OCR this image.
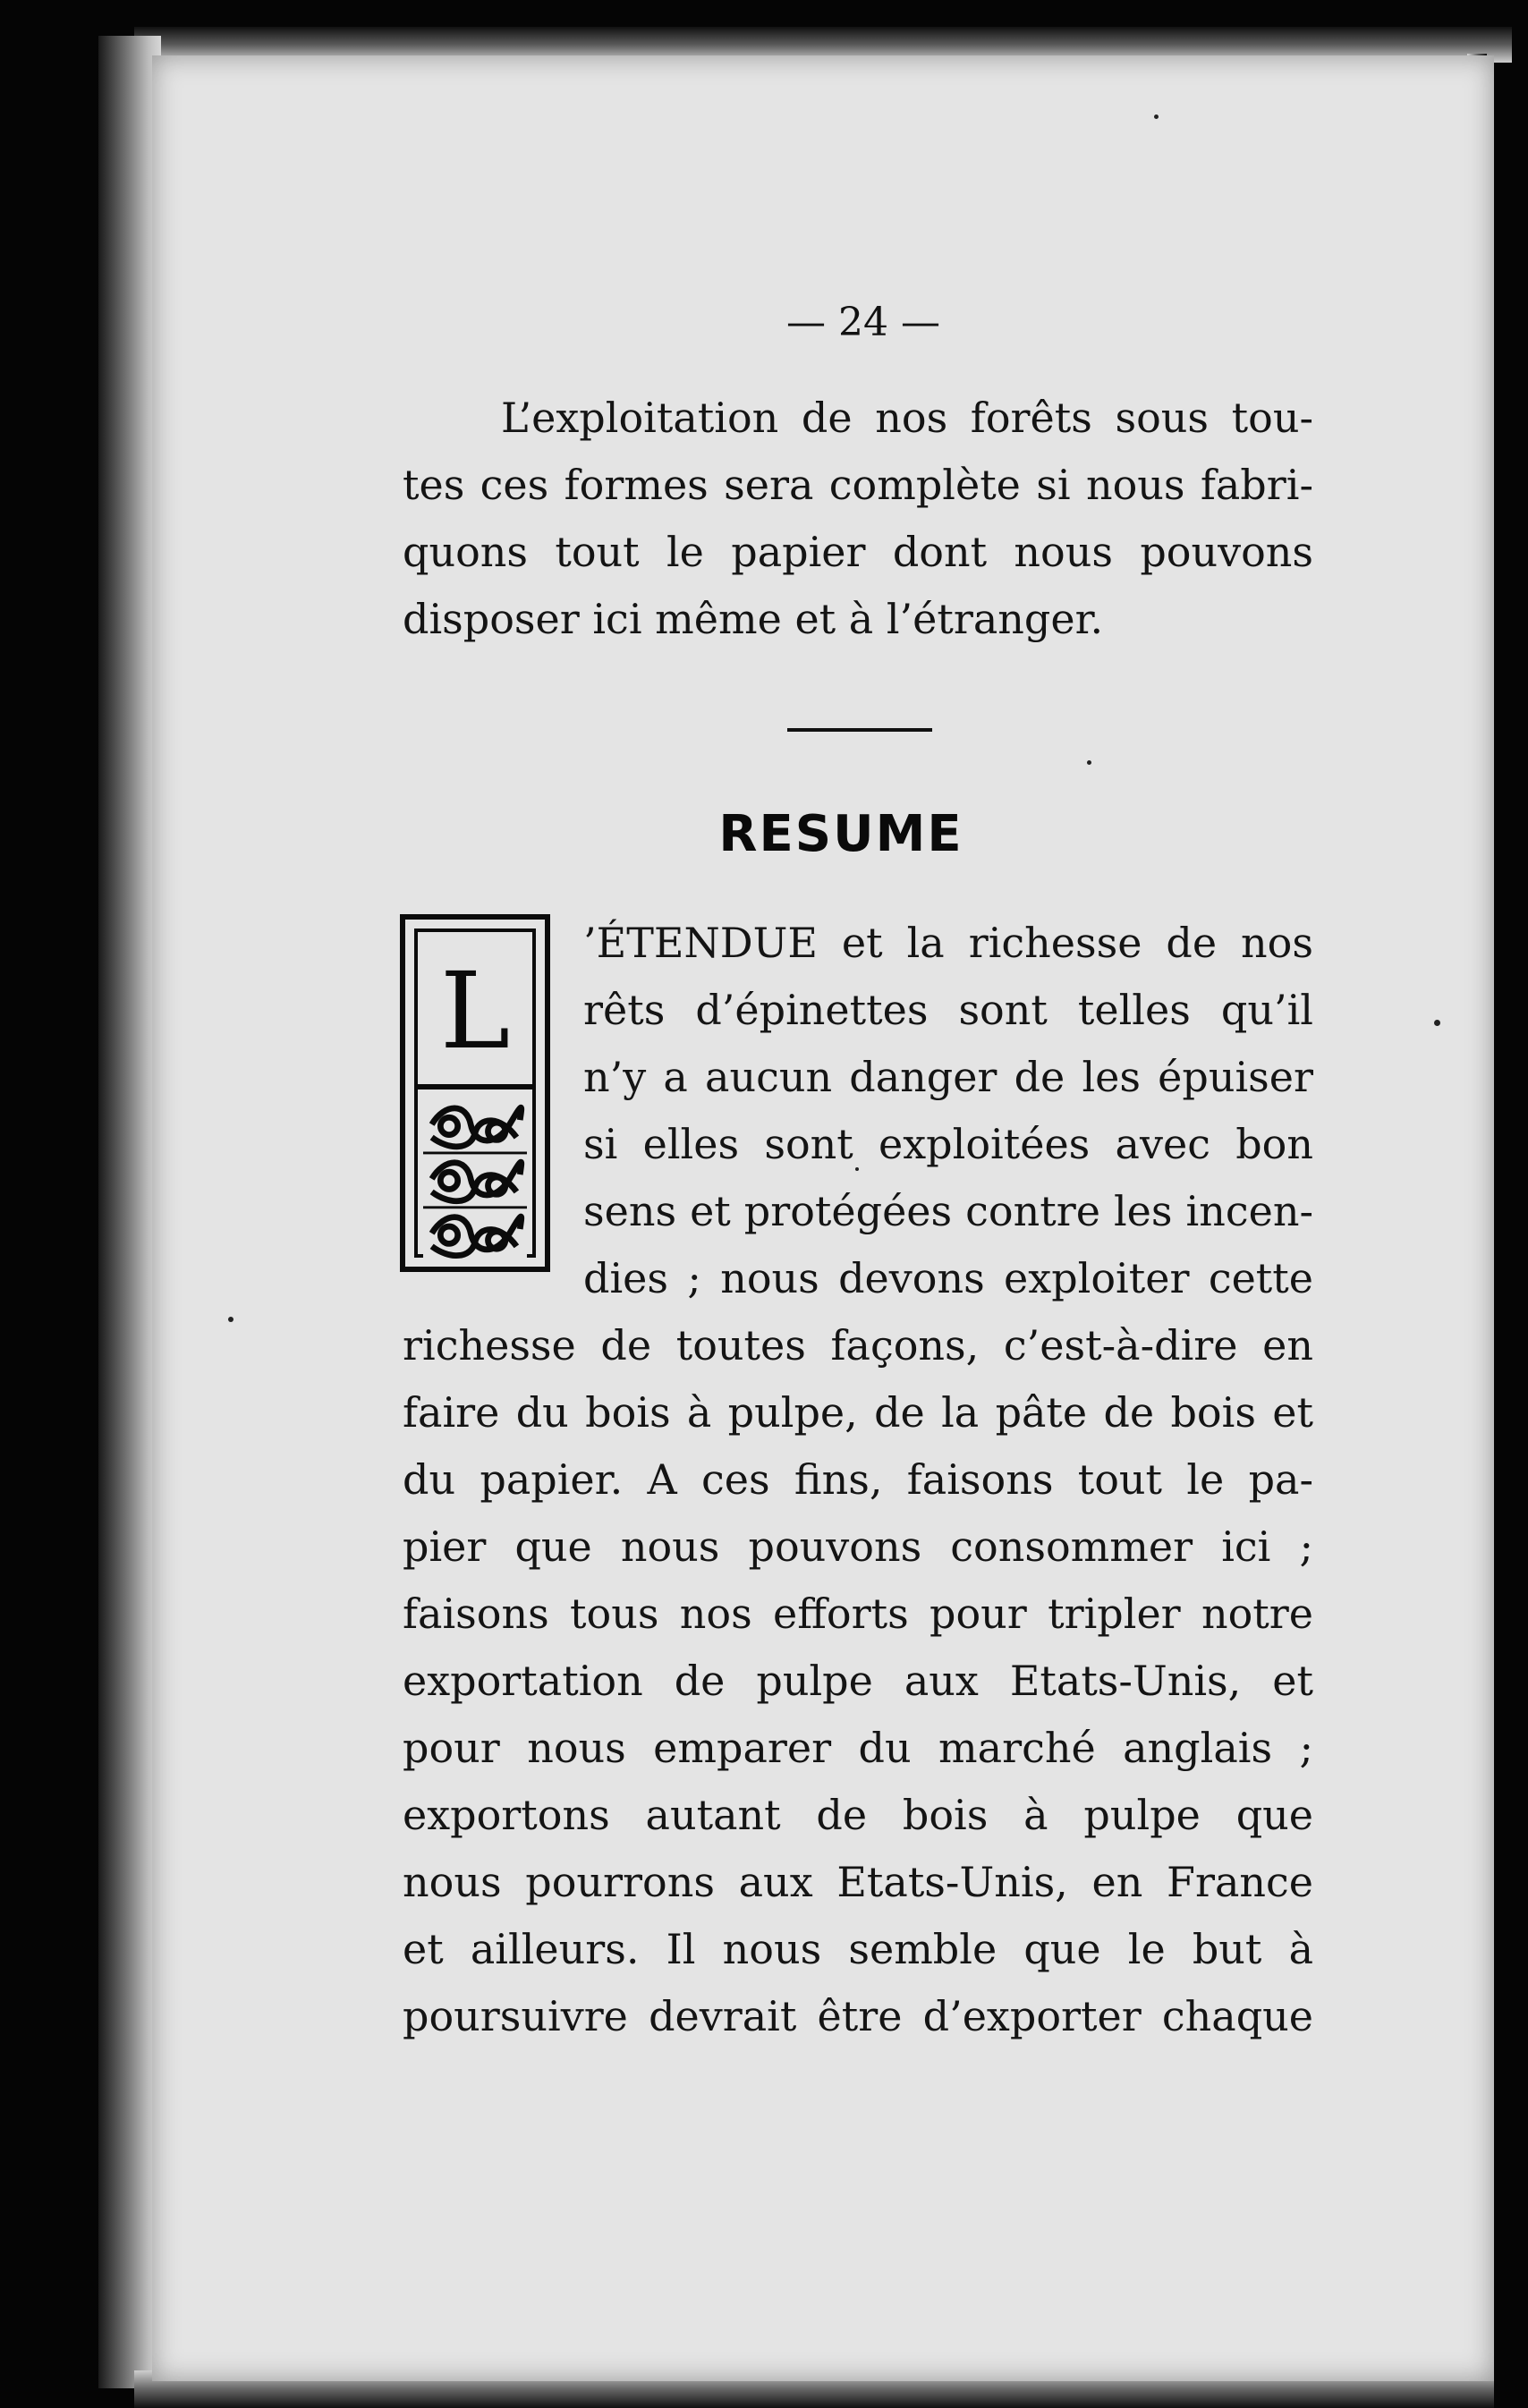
— 24 —
L’exploitation de nos forêts sous tou-
tes ces formes sera complète si nous fabri-
quons tout le papier dont nous pouvons
disposer ici même et à l’étranger.
RESUME
L
’ÉTENDUE et la richesse de nos
rêts d’épinettes sont telles qu’il
n’y a aucun danger de les épuiser
si elles sont exploitées avec bon
sens et protégées contre les incen-
dies ; nous devons exploiter cette
richesse de toutes façons, c’est-à-dire en
faire du bois à pulpe, de la pâte de bois et
du papier. A ces fins, faisons tout le pa-
pier que nous pouvons consommer ici ;
faisons tous nos efforts pour tripler notre
exportation de pulpe aux Etats-Unis, et
pour nous emparer du marché anglais ;
exportons autant de bois à pulpe que
nous pourrons aux Etats-Unis, en France
et ailleurs. Il nous semble que le but à
poursuivre devrait être d’exporter chaque
